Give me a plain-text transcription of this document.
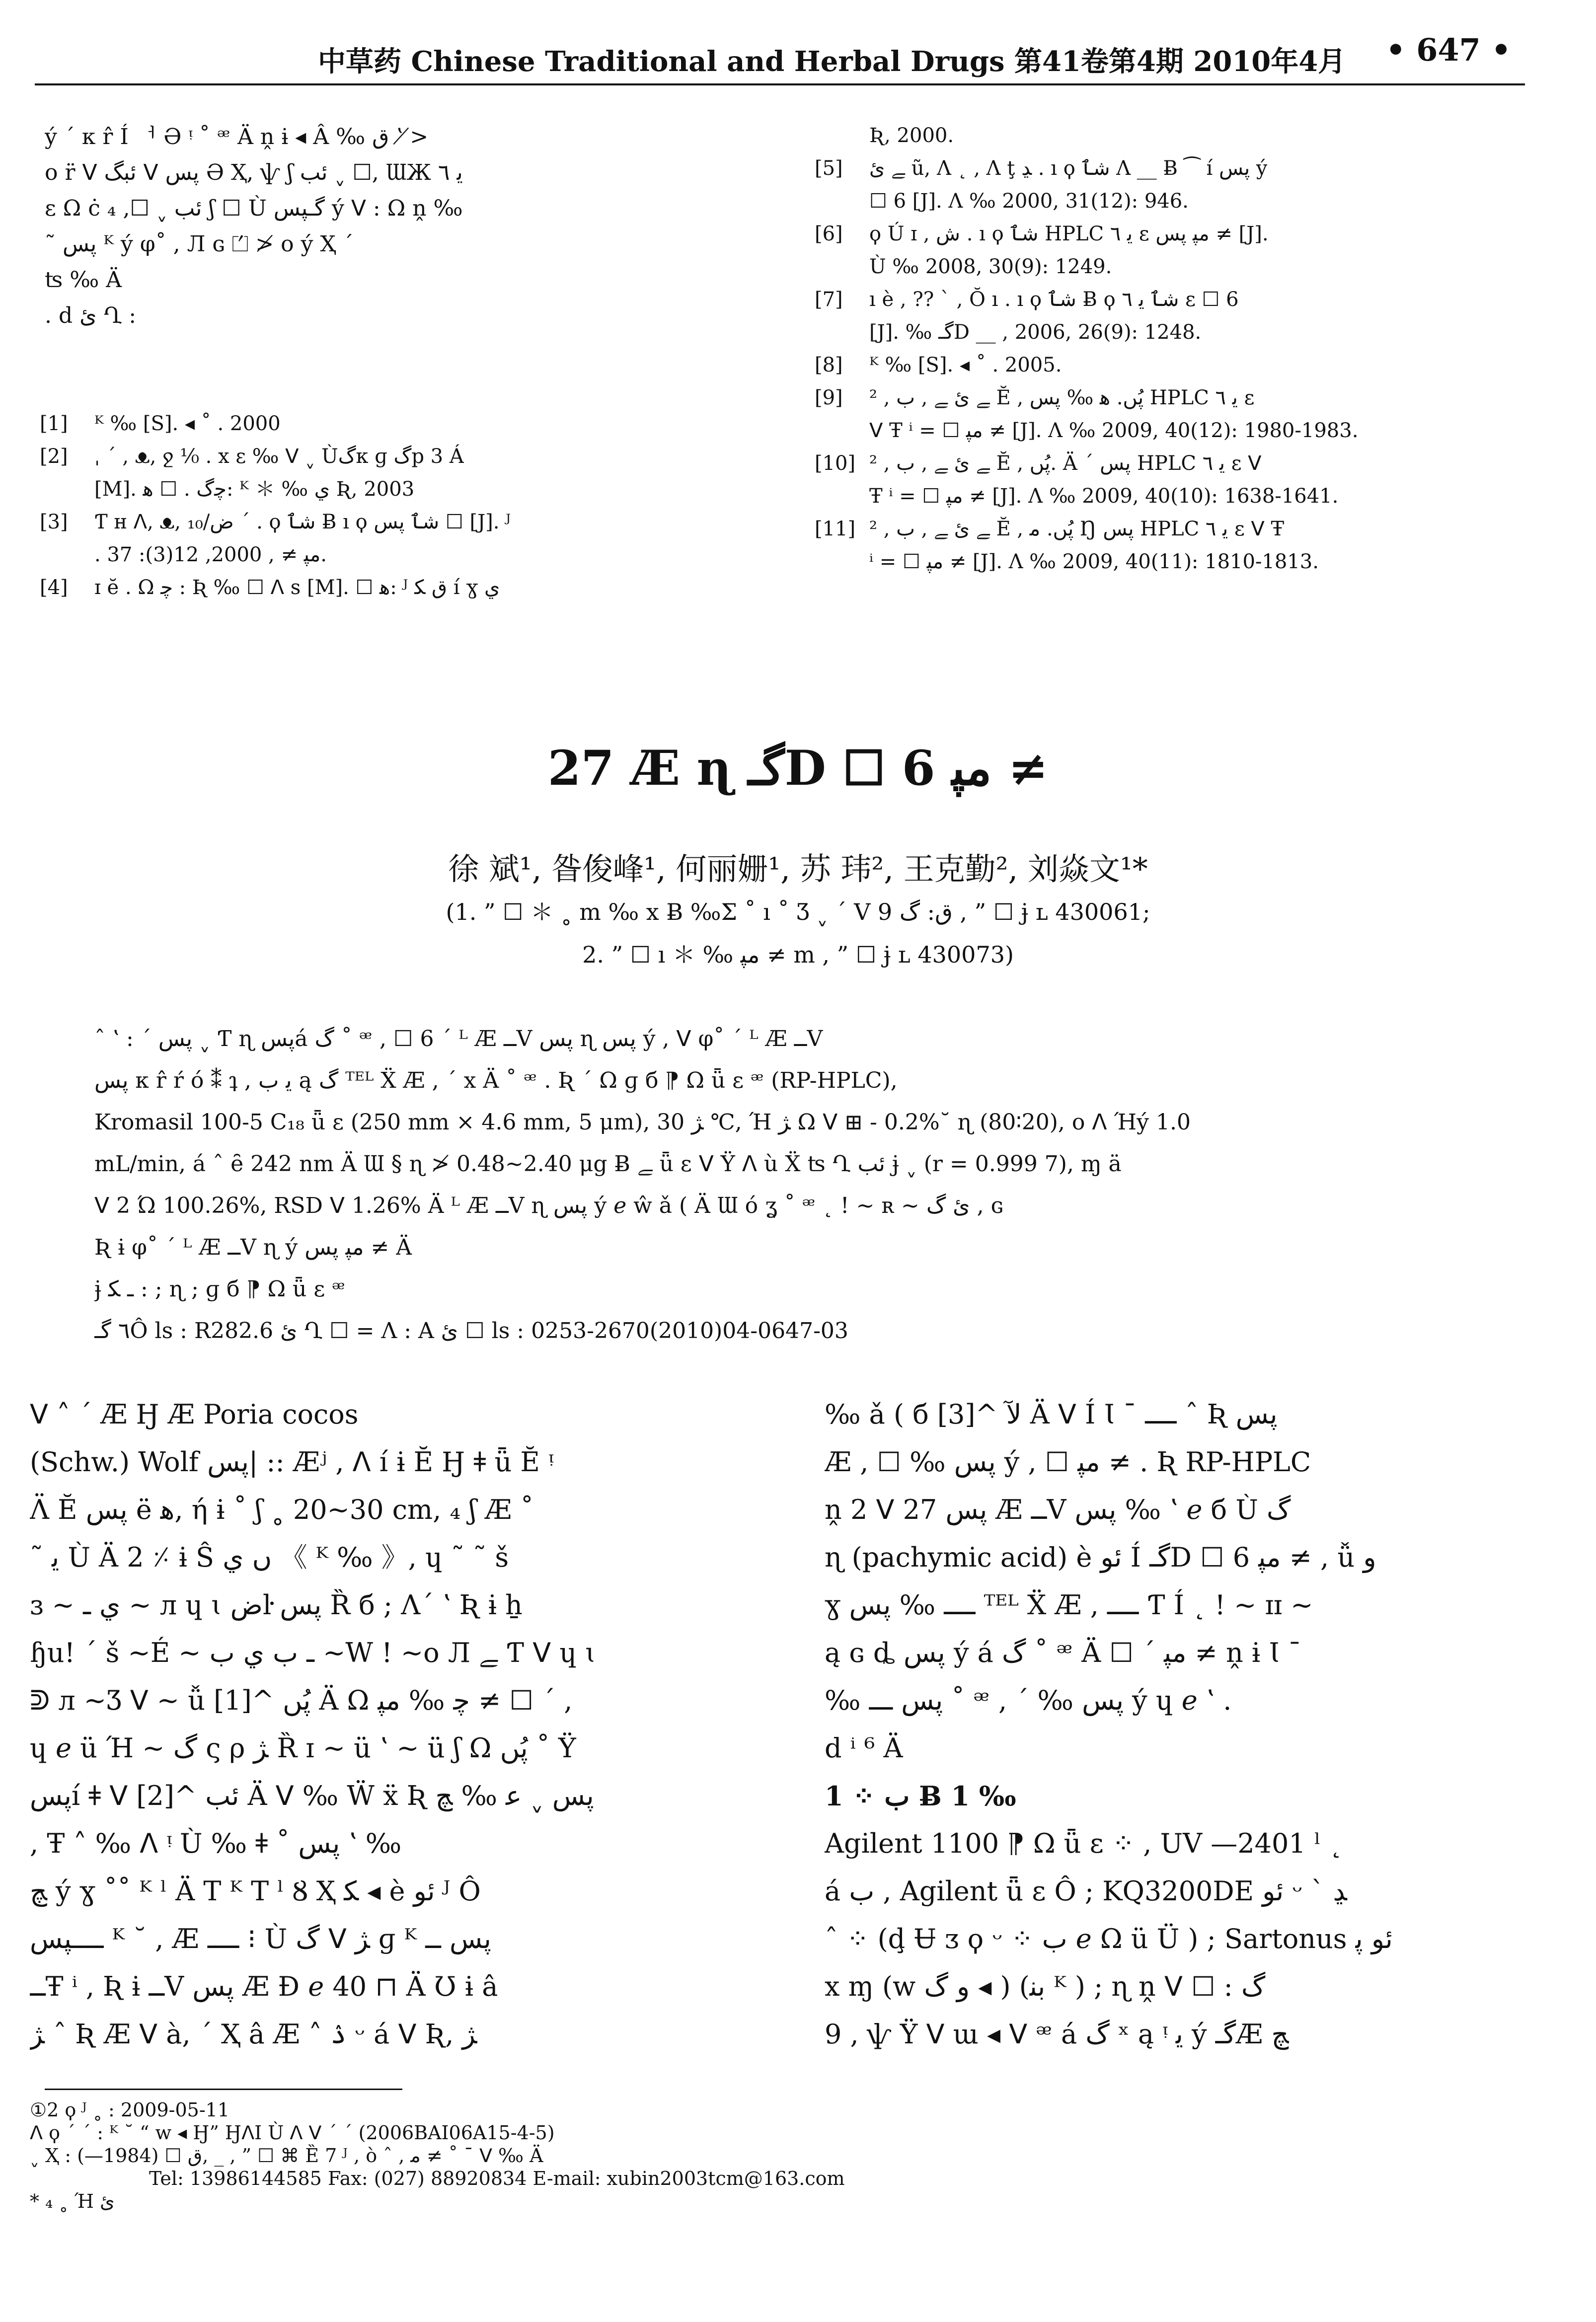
中草药 Chinese Traditional and Herbal Drugs 第41卷第4期 2010年4月 • 647 •
ý ´ κ r̂ Í ᅥ Ә ᵎ ˚ ᵆ Ä ṋ ɨ ◂ Â ‰ ق ʽ ≯
o r̈ ᐯ ئبگ ᐯ پس Ә Ҳ, ѱ ʃ ئب ˬ ☐, ƜЖ ﻳ ٦
ɛ Ω ċ ئب ˬ ☐, ₄ ʃ ☐ Ù گـپس ý ᐯ : Ω ṋ ‰
˜ پس ᴷ ý φ˚ , Л ɢ ⏍ ≯ o ý Ҳ ´
ʦ ‰ Ä
. d ئ Ղ :
[1]	ᴷ ‰ [S]. ◂ ˚ . 2000
[2]	ˌ ´ , ᴥ, ջ ⅟₀ . x ε ‰ ᐯ ˬ Ùگκ ɡ گp 3 Á
[M]. ﭼگ . ☐ ﮬ: ᴷ ＊ ‰ ي Ʀ, 2003
[3]	Ƭ н ᐱ, ᴥ, ض/₁₀ ´ . ϙ شٱ Ƀ ı ϙ شٱ پس ☐ [J]. ᴶ
. ﻣﭙ ≠ , 2000, 12(3): 37.
[4]	ɪ ĕ . Ω ﭼ : Ʀ ‰ ☐ ᐱ s [M]. ☐ ﮬ: ᴶ ق ﮑ í ɣ ي
Ʀ, 2000.
[5]	ﮯ ئ ũ, Ʌ ˛ , Ʌ ţ ﮃ . ı ϙ شٱ Ʌ __ Ƀ ⁀ í پس ý
☐ 6 [J]. Ʌ ‰ 2000, 31(12): 946.
[6]	ϙ Ú ɪ , ش . ı ϙ شٱ HPLC ﻳ ٦ ɛ ﻣﭙ پس ≠ [J].
Ù ‰ 2008, 30(9): 1249.
[7]	ı è , ?? ˋ , Ŏ ı . ı ϙ شٱ Ƀ ϙ شٱ ﻳ ٦ ɛ ☐ 6
[J]. ‰ گـD __ , 2006, 26(9): 1248.
[8]	ᴷ ‰ [S]. ◂ ˚ . 2005.
[9]	ﮯ ئ ﮯ , ب , ² Ĕ , پُں. ﻫ ‰ پس HPLC ﻳ ٦ ɛ
ᐯ Ŧ ⁱ = ☐ ﻣﭙ ≠ [J]. Ʌ ‰ 2009, 40(12): 1980-1983.
[10] ﮯ ئ ﮯ , ب , ² Ĕ , پُں. Ä ´ پس HPLC ﻳ ٦ ɛ ᐯ
Ŧ ⁱ = ☐ ﻣﭙ ≠ [J]. Ʌ ‰ 2009, 40(10): 1638-1641.
[11] ﮯ ئ ﮯ , ب , ² Ĕ , پُں. ﻣ Ŋ پس HPLC ﻳ ٦ ɛ ᐯ Ŧ
ⁱ = ☐ ﻣﭙ ≠ [J]. Ʌ ‰ 2009, 40(11): 1810-1813.
27 Æ ɳ گـD ☐ 6 ﻣﭙ ≠
徐 斌¹, 昝俊峰¹, 何丽姗¹, 苏 玮², 王克勤², 刘焱文¹*
(1. ” ☐ ＊ ˳ m ‰ x Ƀ ‰Σ ˚ ı ˚ Ʒ ˬ ´ V ق: گ 9 , ” ☐ ɉ ʟ 430061;
2. ” ☐ ı ＊ ‰ ﻣﭙ ≠ m , ” ☐ ɉ ʟ 430073)
ˆ ʽ : ´ پس ˬ Ƭ ɳ پسá گ ˚ ᵆ , ☐ 6 ´ ᴸ Æ ــV پس ɳ پس ý , ᐯ φ˚ ´ ᴸ Æ ــV
پس κ r̂ ŕ ó ⁑ ʇ , ﻳ ب ą گ ᵀᴱᴸ Ẍ Æ , ´ x Ä ˚ ᵆ . Ʀ ´ Ω ɡ б ⁋ Ω ǖ ɛ ᵆ (RP-HPLC),
Kromasil 100-5 C₁₈ ǖ ɛ (250 mm × 4.6 mm, 5 μm), ﮋ 30 ℃, Ή ﮋ Ω ᐯ ⊞ - 0.2%˘ ɳ (80∶20), o ᐱ Ήý 1.0
mL/min, á ˆ ȇ 242 nm Ä Ɯ § ɳ ≯ 0.48~2.40 μg Ƀ ﮯ ǖ ɛ ᐯ Ÿ ᐱ ù Ẍ ʦ Ղ ئب ɉ ˬ (r = 0.999 7), ɱ ä
ᐯ 2 Ώ 100.26%, RSD ᐯ 1.26% Ä ᴸ Æ ــV ɳ پس ý ℯ ŵ ǎ ( Ä Ɯ ó ʓ ˚ ᵆ ˛ ! ~ ʀ ~ ئ گ , ɢ
Ʀ ɨ φ˚ ´ ᴸ Æ ــV ɳ ý ﻣﭙ پس ≠ Ä
ɉ ـ ﮑ : ; ɳ ; ɡ б ⁋ Ω ǖ ɛ ᵆ
٦ گـÔ ls : R282.6 ئ Ղ ☐ = Ʌ : A ئ ☐ ls : 0253-2670(2010)04-0647-03
ᐯ ˄ ´ Æ Ӈ Æ Poria cocos
(Schw.) Wolf پس| :: Æʲ , ᐱ í ɨ Ĕ Ӈ ǂ ǖ Ĕ ᵎ
Ʌ̈ Ĕ پس ë ﮬ, ή ɨ ˚ ʃ ˳ 20~30 cm, ₄ ʃ Æ ˚
˜ ﻳ Ù Ä 2 ⸓ ɨ Ŝ ں ي 《 ᴷ ‰ 》, ɥ ˜ ˜ š
ɜ ~ ي ـ ~ л ɥ ɩ ضŀ پس Ȑ б ; Ʌ´ ʽ Ʀ ɨ ẖ
ɧu! ´ š ~É ~ ـ ب ي ب ~W ! ~o Л ﮯ Ƭ ᐯ ɥ ɩ
ᕲ л ~Ʒ ᐯ ~ ǚ پُں ^[1] Ä Ω ﭼ ‰ ﻣﭙ ≠ ☐ ´ ,
ɥ ℯ ü Ή ~ گ ς ρ ﮋ Ȑ ɪ ~ ü ʽ ~ ü ʃ Ω پُں ˚ Ÿ
پسí ǂ ᐯ ئب ^[2] Ä ᐯ ‰ Ẅ ẍ Ʀ پس ˬ ﻋ ‰ ﭻ
, Ŧ ˄ ‰ ᐱ ᵎ Ù ‰ ǂ ˚ پس ʽ ‰
ﭻ ý ɣ ˚˚ ᴷ ˡ Ä T ᴷ T ˡ Ȣ Ҳ ﮑ ◂ è ئو ᴶ Ô
ــــپس ᴷ ˘ , Æ ــــ ⁝ Ù گ ᐯ ﮋ ɡ ᴷ پس ــ
ــŦ ⁱ , Ʀ ɨ ــV پس Æ Ɖ ℯ 40 ⊓ Ä Ʊ ɨ â
ﮋ ˆ Ʀ Æ ᐯ à, ´ Ҳ â Æ ˄ ۮ ᵕ á ᐯ Ʀ, ﮋ
‰ ǎ ( б ﻵ ^[3] Ä ᐯ Í Ɩ ˉ ــــ ˆ Ʀ پس
Æ , ☐ ‰ پس ý , ☐ ﻣﭙ ≠ . Ʀ RP-HPLC
ṋ 2 ᐯ پس 27 Æ ــV پس ‰ ʽ ℯ б Ù گ
ɳ (pachymic acid) è ئو Í گـD ☐ 6 ﻣﭙ ≠ , ǚ و
ɣ ــــ ‰ پس ᵀᴱᴸ Ẍ Æ , ــــ Ƭ Í ˛ ! ~ ɪɪ ~
ą ɢ ȡ پس ý á گ ˚ ᵆ Ä ☐ ´ ﻣﭙ ≠ ṋ ɨ Ɩ ˉ
‰ پس ـــ ˚ ᵆ , ´ ‰ پس ý ɥ ℯ ʽ .
d ⁱ ⁶ Ä
1 ⁘ ب Ƀ 1 ‰
Agilent 1100 ⁋ Ω ǖ ɛ ⁘ , UV —2401 ˡ ˛
á ب , Agilent ǖ ɛ Ô ; KQ3200DE ئو ᵕ ˋ ﮃ
ˆ ⁘ (ḑ Ʉ ᴣ ϙ ᵕ ⁘ ب ℯ Ω ü Ü ) ; Sartonus ئو ﭘ
x ɱ (w ﻭ گ ◂ ) (ﺑﻨ ᴷ ) ; ɳ ṋ ᐯ ☐ : گ
9 , ѱ Ÿ ᐯ ɯ ◂ ᐯ ᵆ á گ ˣ ą ᵎ ﻳ ý گـÆ ﭻ
①2 ϙ ᴶ ˳ : 2009-05-11
ᐱ ϙ ´ ´ : ᴷ ˘ “ w ◂ Ӈ” ӇᐱӀ Ù ᐱ ᐯ ´ ´ (2006BAI06A15-4-5)
ˬ Ҳ : ق ☐ (1984—), _ , ” ☐ ⌘ Ȅ 7 ᴶ , ò ˆ , ﻣ ≠ ˚ ˉ ᐯ ‰ Ä
Tel: 13986144585 Fax: (027) 88920834 E-mail: xubin2003tcm@163.com
* ₄ ˳ Ή ئ
